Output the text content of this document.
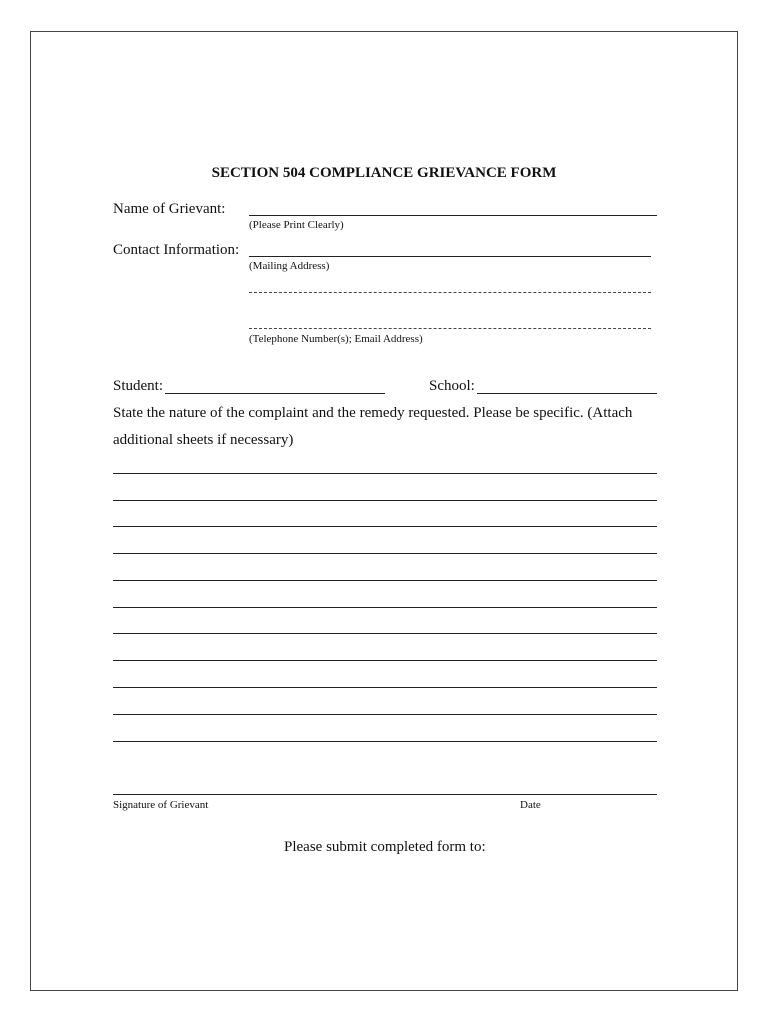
SECTION 504 COMPLIANCE GRIEVANCE FORM
Name of Grievant:
(Please Print Clearly)
Contact Information:
(Mailing Address)
(Telephone Number(s); Email Address)
Student:	School:
State the nature of the complaint and the remedy requested. Please be specific. (Attach
additional sheets if necessary)
Signature of Grievant	Date
Please submit completed form to:
